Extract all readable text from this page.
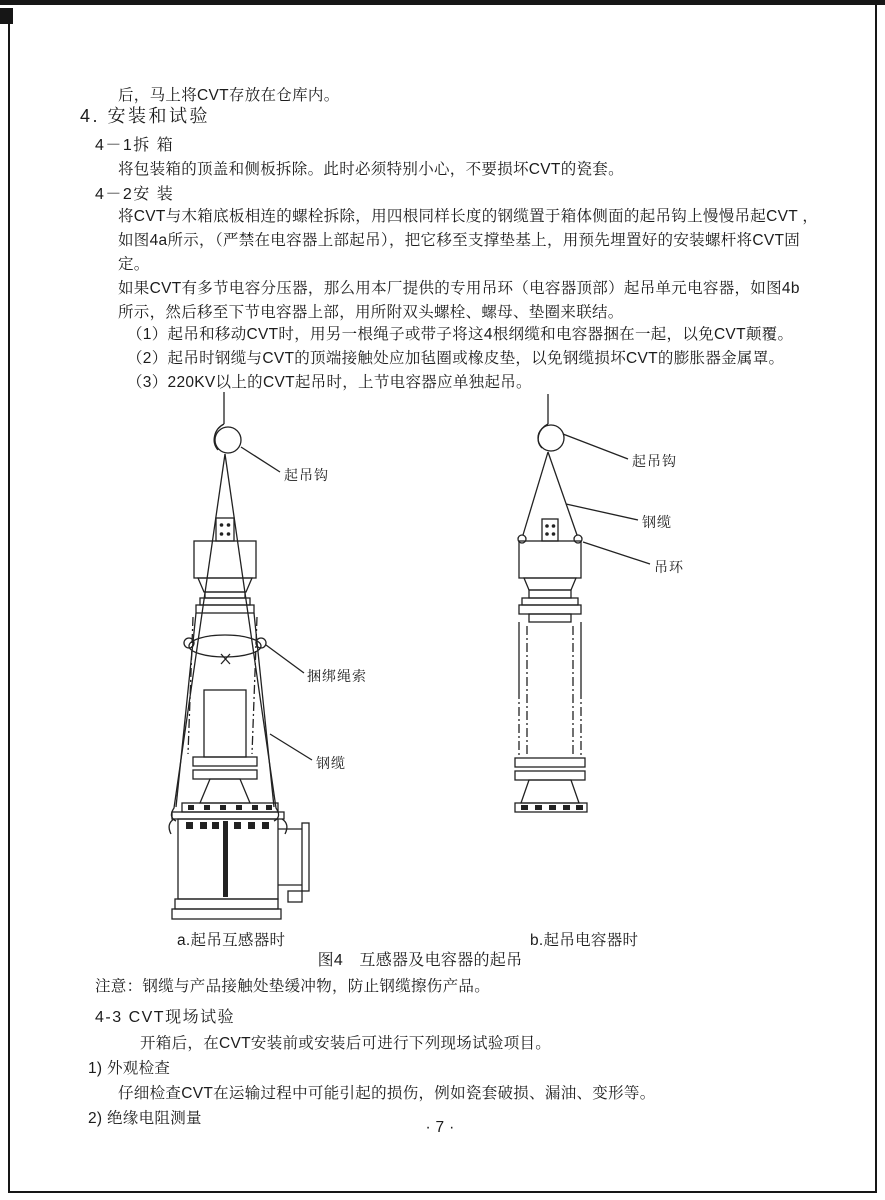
后，马上将CVT存放在仓库内。
4. 安装和试验
4－1拆 箱
将包装箱的顶盖和侧板拆除。此时必须特别小心，不要损坏CVT的瓷套。
4－2安 装
将CVT与木箱底板相连的螺栓拆除，用四根同样长度的钢缆置于箱体侧面的起吊钩上慢慢吊起CVT ，
如图4a所示，（严禁在电容器上部起吊），把它移至支撑垫基上，用预先埋置好的安装螺杆将CVT固
定。
如果CVT有多节电容分压器，那么用本厂提供的专用吊环（电容器顶部）起吊单元电容器，如图4b
所示，然后移至下节电容器上部，用所附双头螺栓、螺母、垫圈来联结。
（1）起吊和移动CVT时，用另一根绳子或带子将这4根纲缆和电容器捆在一起，以免CVT颠覆。
（2）起吊时钢缆与CVT的顶端接触处应加毡圈或橡皮垫，以免钢缆损坏CVT的膨胀器金属罩。
（3）220KV以上的CVT起吊时，上节电容器应单独起吊。
起吊钩
捆绑绳索
钢缆
起吊钩
钢缆
吊环
a.起吊互感器时	b.起吊电容器时
图4　互感器及电容器的起吊
注意：钢缆与产品接触处垫缓冲物，防止钢缆擦伤产品。
4-3 CVT现场试验
开箱后，在CVT安装前或安装后可进行下列现场试验项目。
1) 外观检查
仔细检查CVT在运输过程中可能引起的损伤，例如瓷套破损、漏油、变形等。
2) 绝缘电阻测量
· 7 ·
